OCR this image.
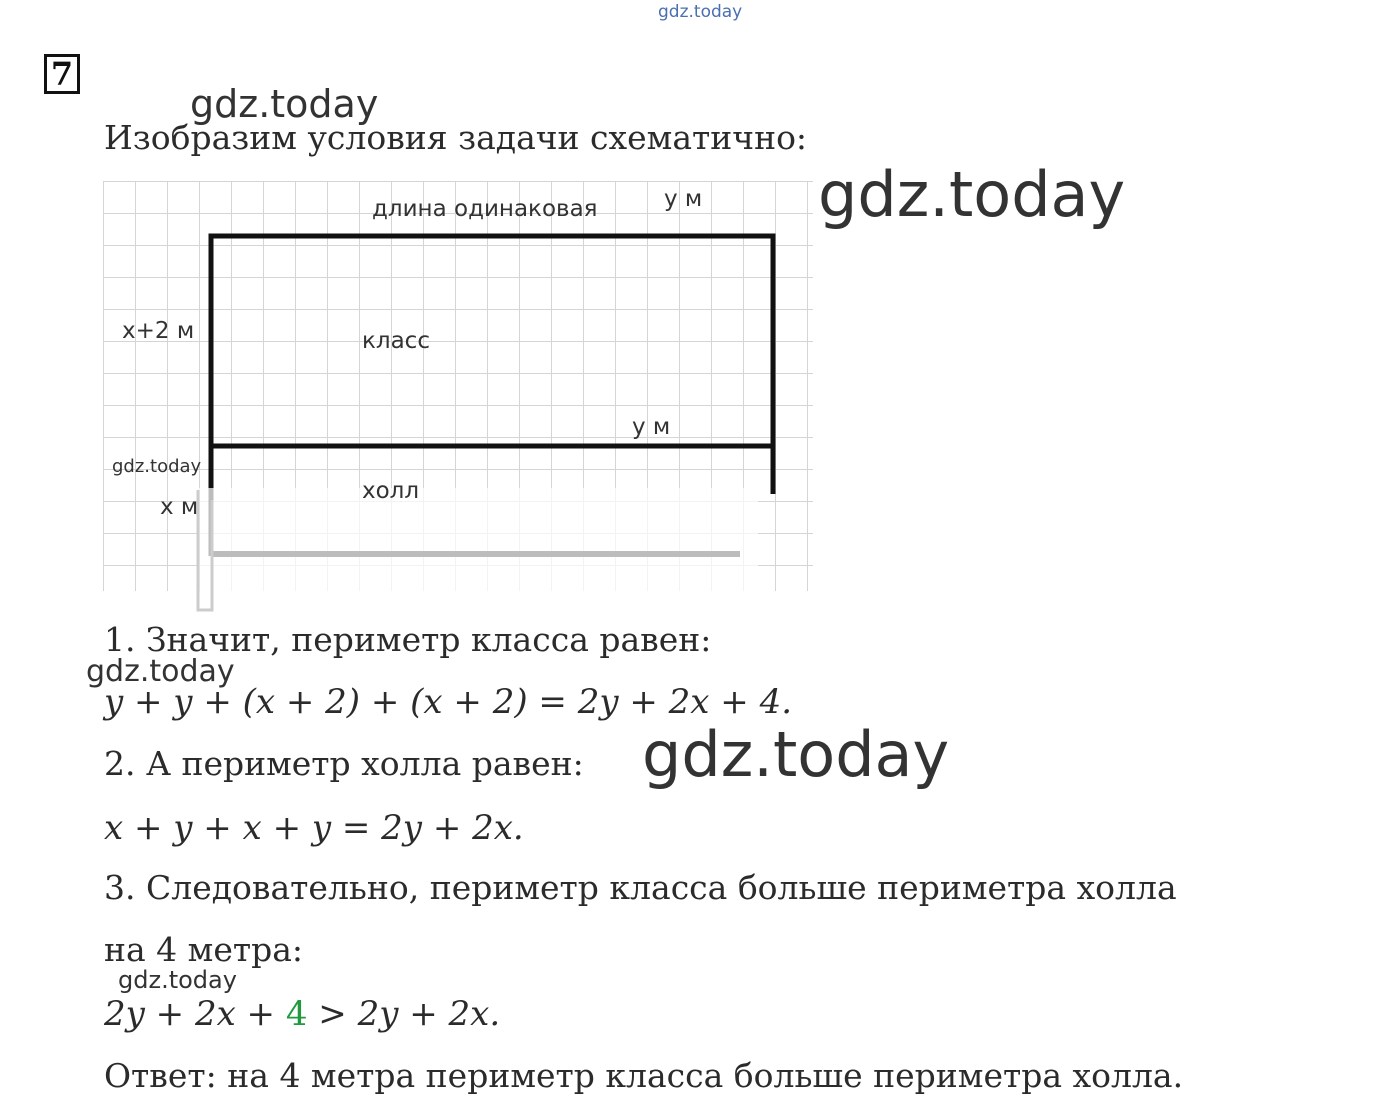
gdz.today
gdz.today
gdz.today
7
Изобразим условия задачи схематично:
длина одинаковая	y м
x+2 м	класс
y м
холл
x м
gdz.today
1. Значит, периметр класса равен:
gdz.today
y + y + (x + 2) + (x + 2) = 2y + 2x + 4.
2. А периметр холла равен: gdz.today
x + y + x + y = 2y + 2x.
3. Следовательно, периметр класса больше периметра холла
на 4 метра:
gdz.today
2y + 2x + 4 > 2y + 2x.
Ответ: на 4 метра периметр класса больше периметра холла.
